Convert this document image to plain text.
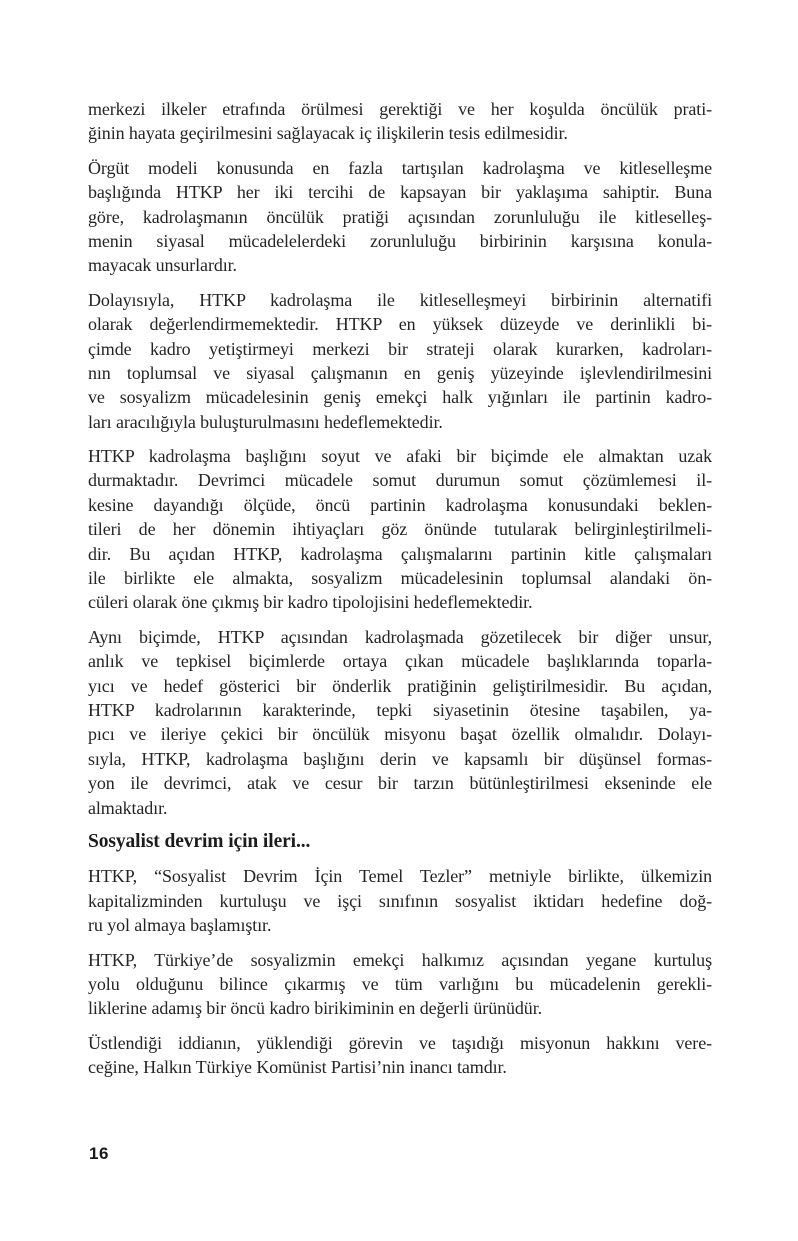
merkezi ilkeler etrafında örülmesi gerektiği ve her koşulda öncülük prati-
ğinin hayata geçirilmesini sağlayacak iç ilişkilerin tesis edilmesidir.

Örgüt modeli konusunda en fazla tartışılan kadrolaşma ve kitleselleşme
başlığında HTKP her iki tercihi de kapsayan bir yaklaşıma sahiptir. Buna
göre, kadrolaşmanın öncülük pratiği açısından zorunluluğu ile kitleselleş-
menin siyasal mücadelelerdeki zorunluluğu birbirinin karşısına konula-
mayacak unsurlardır.

Dolayısıyla, HTKP kadrolaşma ile kitleselleşmeyi birbirinin alternatifi
olarak değerlendirmemektedir. HTKP en yüksek düzeyde ve derinlikli bi-
çimde kadro yetiştirmeyi merkezi bir strateji olarak kurarken, kadroları-
nın toplumsal ve siyasal çalışmanın en geniş yüzeyinde işlevlendirilmesini
ve sosyalizm mücadelesinin geniş emekçi halk yığınları ile partinin kadro-
ları aracılığıyla buluşturulmasını hedeflemektedir.

HTKP kadrolaşma başlığını soyut ve afaki bir biçimde ele almaktan uzak
durmaktadır. Devrimci mücadele somut durumun somut çözümlemesi il-
kesine dayandığı ölçüde, öncü partinin kadrolaşma konusundaki beklen-
tileri de her dönemin ihtiyaçları göz önünde tutularak belirginleştirilmeli-
dir. Bu açıdan HTKP, kadrolaşma çalışmalarını partinin kitle çalışmaları
ile birlikte ele almakta, sosyalizm mücadelesinin toplumsal alandaki ön-
cüleri olarak öne çıkmış bir kadro tipolojisini hedeflemektedir.

Aynı biçimde, HTKP açısından kadrolaşmada gözetilecek bir diğer unsur,
anlık ve tepkisel biçimlerde ortaya çıkan mücadele başlıklarında toparla-
yıcı ve hedef gösterici bir önderlik pratiğinin geliştirilmesidir. Bu açıdan,
HTKP kadrolarının karakterinde, tepki siyasetinin ötesine taşabilen, ya-
pıcı ve ileriye çekici bir öncülük misyonu başat özellik olmalıdır. Dolayı-
sıyla, HTKP, kadrolaşma başlığını derin ve kapsamlı bir düşünsel formas-
yon ile devrimci, atak ve cesur bir tarzın bütünleştirilmesi ekseninde ele
almaktadır.

Sosyalist devrim için ileri...

HTKP, “Sosyalist Devrim İçin Temel Tezler” metniyle birlikte, ülkemizin
kapitalizminden kurtuluşu ve işçi sınıfının sosyalist iktidarı hedefine doğ-
ru yol almaya başlamıştır.

HTKP, Türkiye’de sosyalizmin emekçi halkımız açısından yegane kurtuluş
yolu olduğunu bilince çıkarmış ve tüm varlığını bu mücadelenin gerekli-
liklerine adamış bir öncü kadro birikiminin en değerli ürünüdür.

Üstlendiği iddianın, yüklendiği görevin ve taşıdığı misyonun hakkını vere-
ceğine, Halkın Türkiye Komünist Partisi’nin inancı tamdır.

16
